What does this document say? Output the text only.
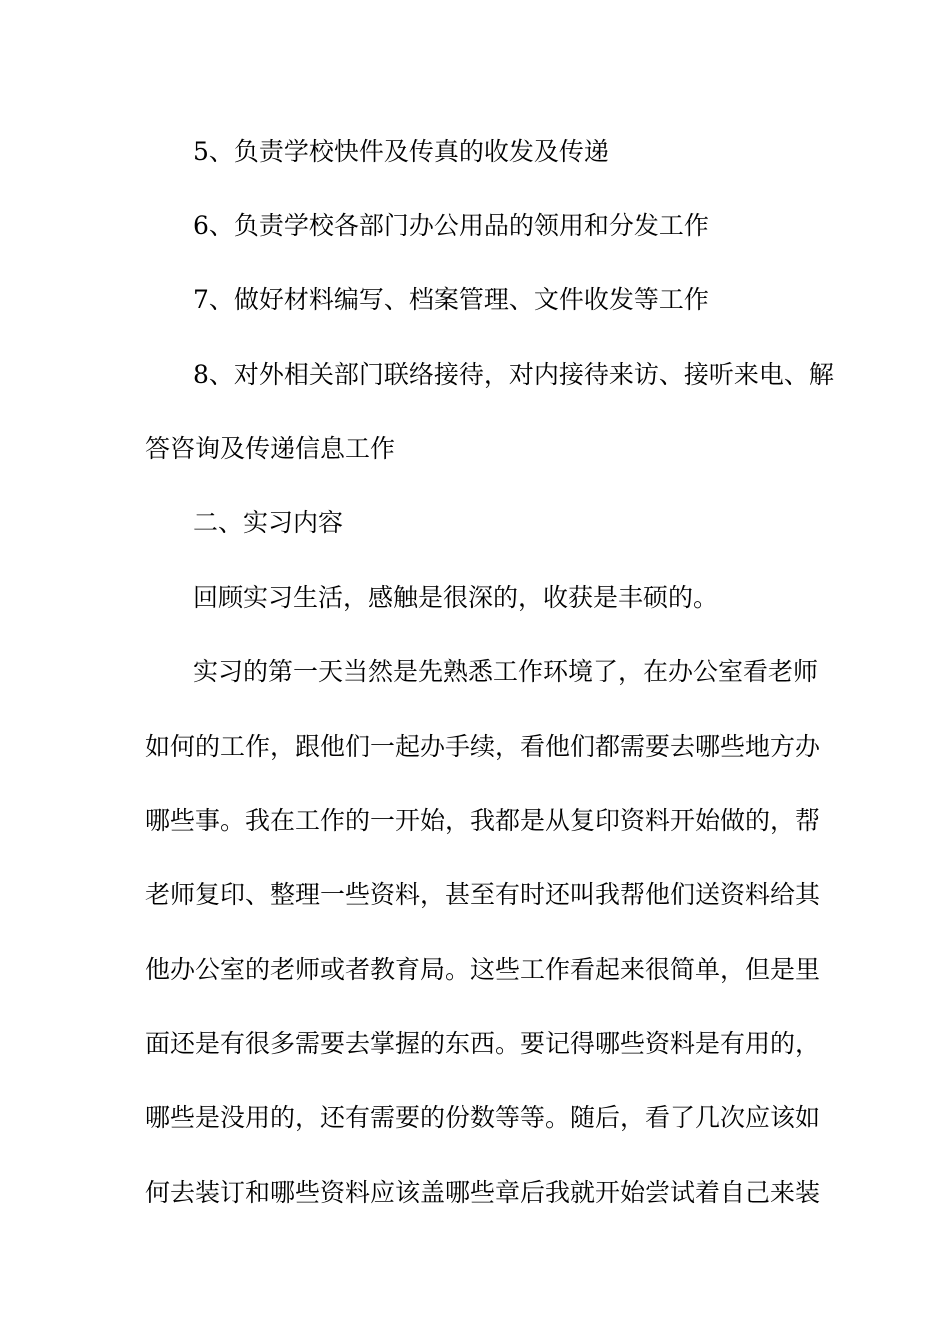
5、负责学校快件及传真的收发及传递
6、负责学校各部门办公用品的领用和分发工作
7、做好材料编写、档案管理、文件收发等工作
8、对外相关部门联络接待，对内接待来访、接听来电、解
答咨询及传递信息工作
二、实习内容
回顾实习生活，感触是很深的，收获是丰硕的。
实习的第一天当然是先熟悉工作环境了，在办公室看老师
如何的工作，跟他们一起办手续，看他们都需要去哪些地方办
哪些事。我在工作的一开始，我都是从复印资料开始做的，帮
老师复印、整理一些资料，甚至有时还叫我帮他们送资料给其
他办公室的老师或者教育局。这些工作看起来很简单，但是里
面还是有很多需要去掌握的东西。要记得哪些资料是有用的，
哪些是没用的，还有需要的份数等等。随后，看了几次应该如
何去装订和哪些资料应该盖哪些章后我就开始尝试着自己来装
